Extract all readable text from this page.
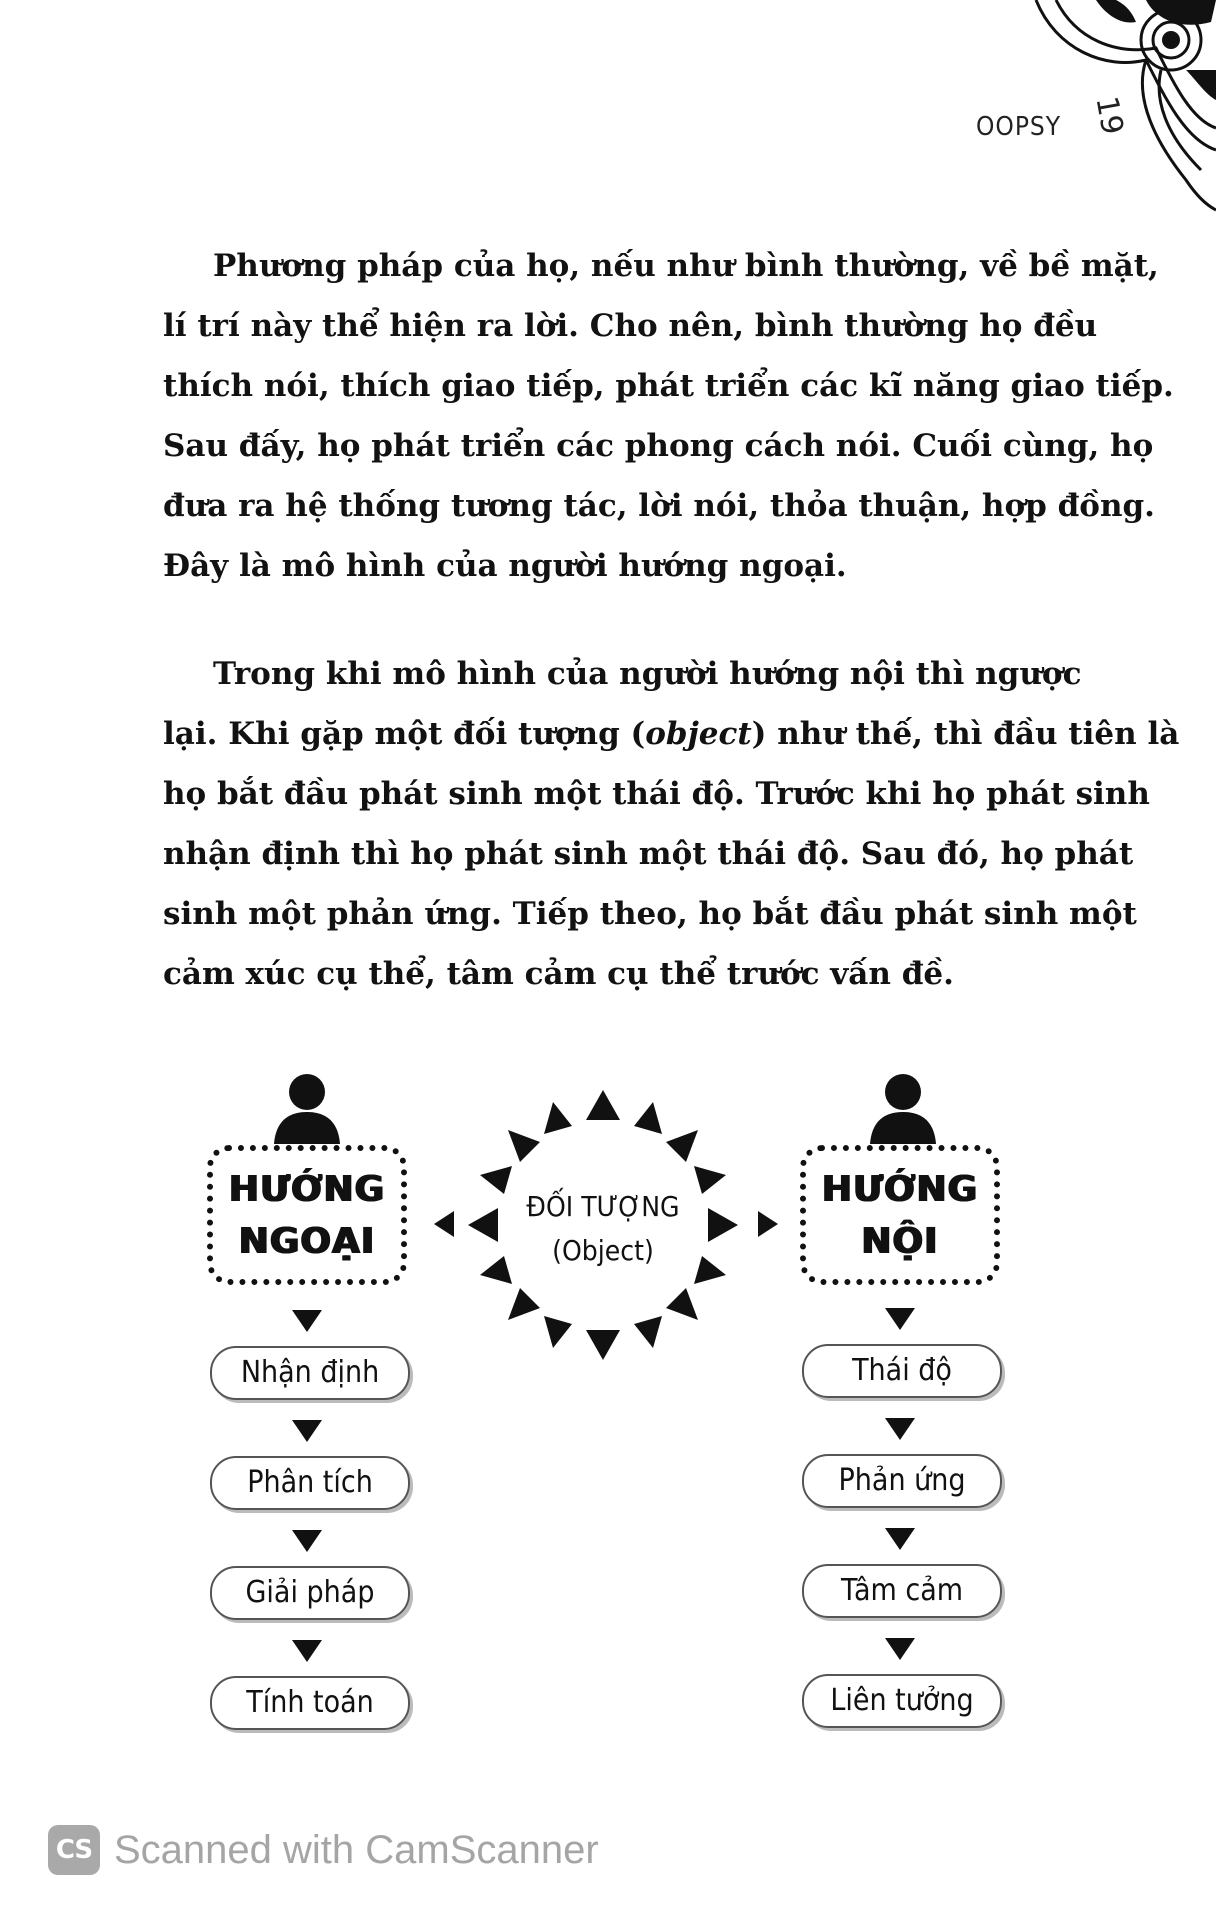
OOPSY 19

Phương pháp của họ, nếu như bình thường, về bề mặt,
lí trí này thể hiện ra lời. Cho nên, bình thường họ đều
thích nói, thích giao tiếp, phát triển các kĩ năng giao tiếp.
Sau đấy, họ phát triển các phong cách nói. Cuối cùng, họ
đưa ra hệ thống tương tác, lời nói, thỏa thuận, hợp đồng.
Đây là mô hình của người hướng ngoại.

Trong khi mô hình của người hướng nội thì ngược
lại. Khi gặp một đối tượng (object) như thế, thì đầu tiên là
họ bắt đầu phát sinh một thái độ. Trước khi họ phát sinh
nhận định thì họ phát sinh một thái độ. Sau đó, họ phát
sinh một phản ứng. Tiếp theo, họ bắt đầu phát sinh một
cảm xúc cụ thể, tâm cảm cụ thể trước vấn đề.

HƯỚNG
NGOẠI
Nhận định
Phân tích
Giải pháp
Tính toán
ĐỐI TƯỢNG
(Object)
HƯỚNG
NỘI
Thái độ
Phản ứng
Tâm cảm
Liên tưởng
CS Scanned with CamScanner
